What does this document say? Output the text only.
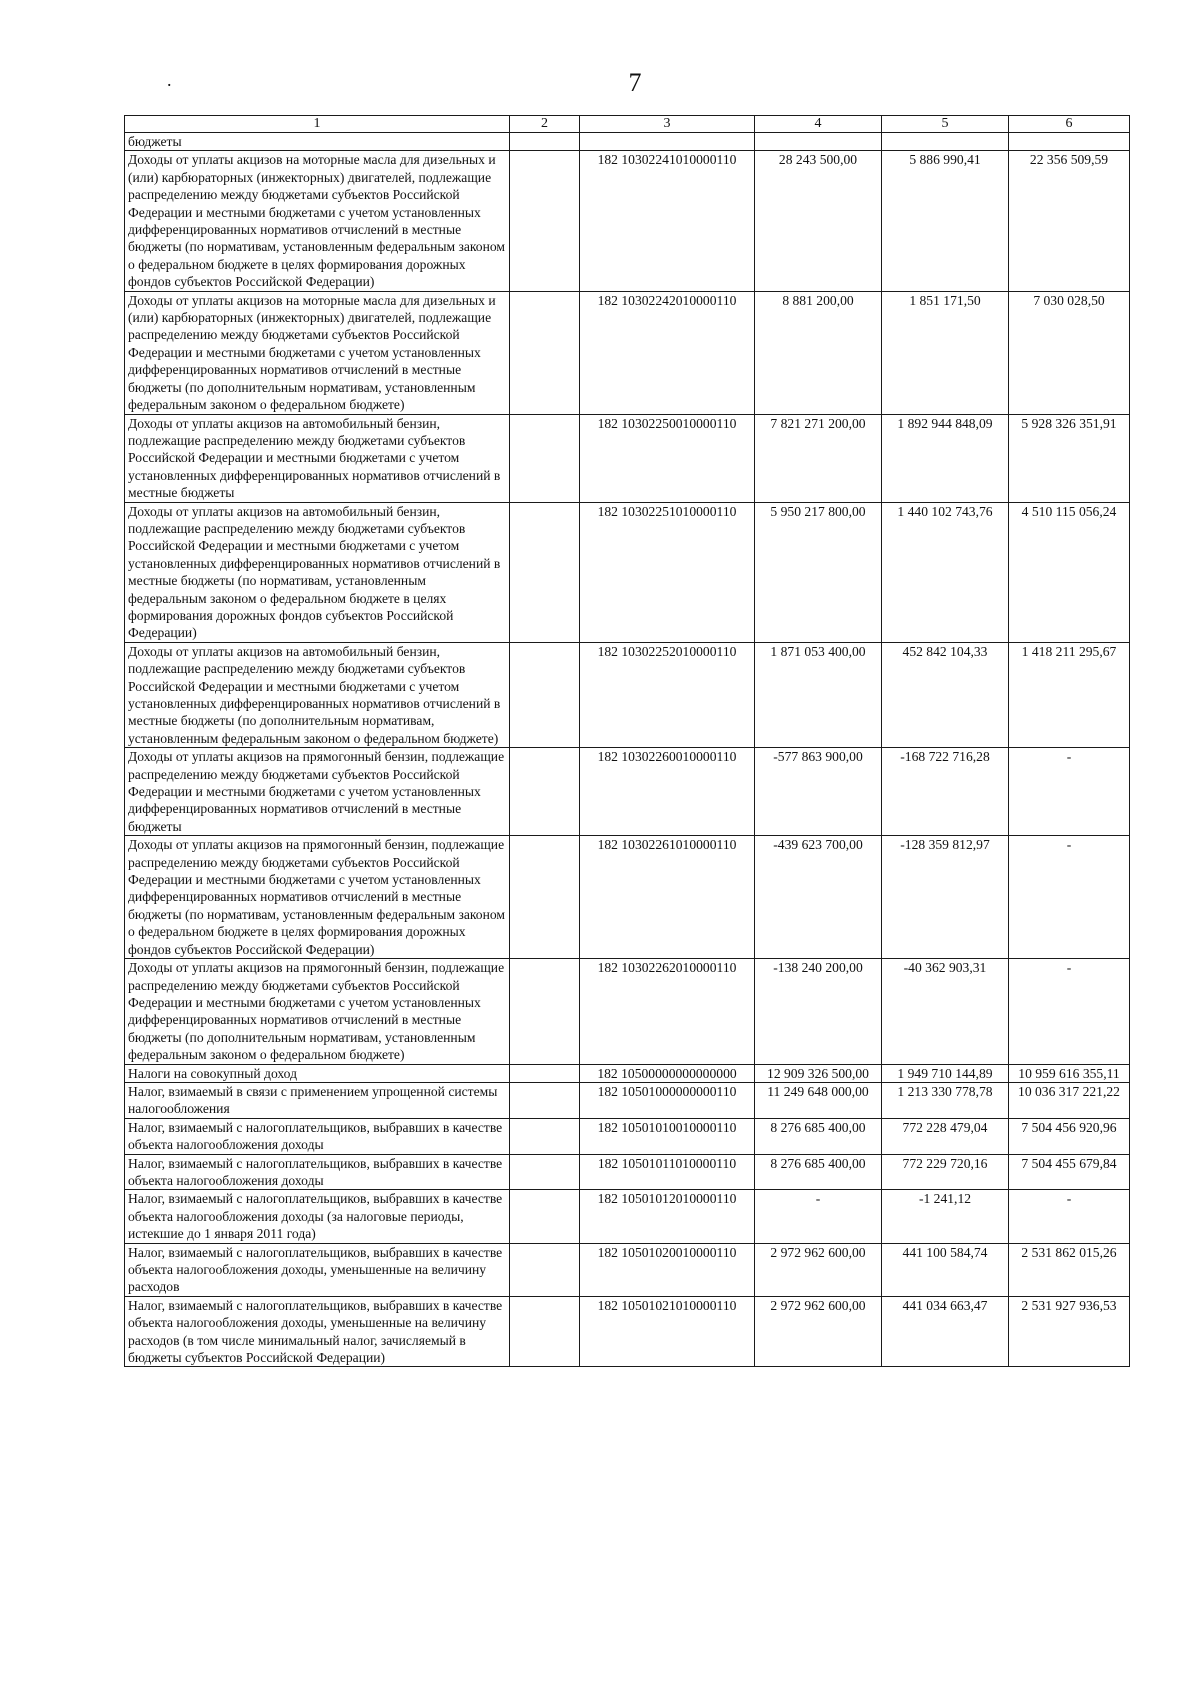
.	7
1	2	3	4	5	6
бюджеты					
Доходы от уплаты акцизов на моторные масла для дизельных и (или) карбюраторных (инжекторных) двигателей, подлежащие распределению между бюджетами субъектов Российской Федерации и местными бюджетами с учетом установленных дифференцированных нормативов отчислений в местные бюджеты (по нормативам, установленным федеральным законом о федеральном бюджете в целях формирования дорожных фондов субъектов Российской Федерации)		182 10302241010000110	28 243 500,00	5 886 990,41	22 356 509,59
Доходы от уплаты акцизов на моторные масла для дизельных и (или) карбюраторных (инжекторных) двигателей, подлежащие распределению между бюджетами субъектов Российской Федерации и местными бюджетами с учетом установленных дифференцированных нормативов отчислений в местные бюджеты (по дополнительным нормативам, установленным федеральным законом о федеральном бюджете)		182 10302242010000110	8 881 200,00	1 851 171,50	7 030 028,50
Доходы от уплаты акцизов на автомобильный бензин, подлежащие распределению между бюджетами субъектов Российской Федерации и местными бюджетами с учетом установленных дифференцированных нормативов отчислений в местные бюджеты		182 10302250010000110	7 821 271 200,00	1 892 944 848,09	5 928 326 351,91
Доходы от уплаты акцизов на автомобильный бензин, подлежащие распределению между бюджетами субъектов Российской Федерации и местными бюджетами с учетом установленных дифференцированных нормативов отчислений в местные бюджеты (по нормативам, установленным федеральным законом о федеральном бюджете в целях формирования дорожных фондов субъектов Российской Федерации)		182 10302251010000110	5 950 217 800,00	1 440 102 743,76	4 510 115 056,24
Доходы от уплаты акцизов на автомобильный бензин, подлежащие распределению между бюджетами субъектов Российской Федерации и местными бюджетами с учетом установленных дифференцированных нормативов отчислений в местные бюджеты (по дополнительным нормативам, установленным федеральным законом о федеральном бюджете)		182 10302252010000110	1 871 053 400,00	452 842 104,33	1 418 211 295,67
Доходы от уплаты акцизов на прямогонный бензин, подлежащие распределению между бюджетами субъектов Российской Федерации и местными бюджетами с учетом установленных дифференцированных нормативов отчислений в местные бюджеты		182 10302260010000110	-577 863 900,00	-168 722 716,28	-
Доходы от уплаты акцизов на прямогонный бензин, подлежащие распределению между бюджетами субъектов Российской Федерации и местными бюджетами с учетом установленных дифференцированных нормативов отчислений в местные бюджеты (по нормативам, установленным федеральным законом о федеральном бюджете в целях формирования дорожных фондов субъектов Российской Федерации)		182 10302261010000110	-439 623 700,00	-128 359 812,97	-
Доходы от уплаты акцизов на прямогонный бензин, подлежащие распределению между бюджетами субъектов Российской Федерации и местными бюджетами с учетом установленных дифференцированных нормативов отчислений в местные бюджеты (по дополнительным нормативам, установленным федеральным законом о федеральном бюджете)		182 10302262010000110	-138 240 200,00	-40 362 903,31	-
Налоги на совокупный доход		182 10500000000000000	12 909 326 500,00	1 949 710 144,89	10 959 616 355,11
Налог, взимаемый в связи с применением упрощенной системы налогообложения		182 10501000000000110	11 249 648 000,00	1 213 330 778,78	10 036 317 221,22
Налог, взимаемый с налогоплательщиков, выбравших в качестве объекта налогообложения доходы		182 10501010010000110	8 276 685 400,00	772 228 479,04	7 504 456 920,96
Налог, взимаемый с налогоплательщиков, выбравших в качестве объекта налогообложения доходы		182 10501011010000110	8 276 685 400,00	772 229 720,16	7 504 455 679,84
Налог, взимаемый с налогоплательщиков, выбравших в качестве объекта налогообложения доходы (за налоговые периоды, истекшие до 1 января 2011 года)		182 10501012010000110	-	-1 241,12	-
Налог, взимаемый с налогоплательщиков, выбравших в качестве объекта налогообложения доходы, уменьшенные на величину расходов		182 10501020010000110	2 972 962 600,00	441 100 584,74	2 531 862 015,26
Налог, взимаемый с налогоплательщиков, выбравших в качестве объекта налогообложения доходы, уменьшенные на величину расходов (в том числе минимальный налог, зачисляемый в бюджеты субъектов Российской Федерации)		182 10501021010000110	2 972 962 600,00	441 034 663,47	2 531 927 936,53
